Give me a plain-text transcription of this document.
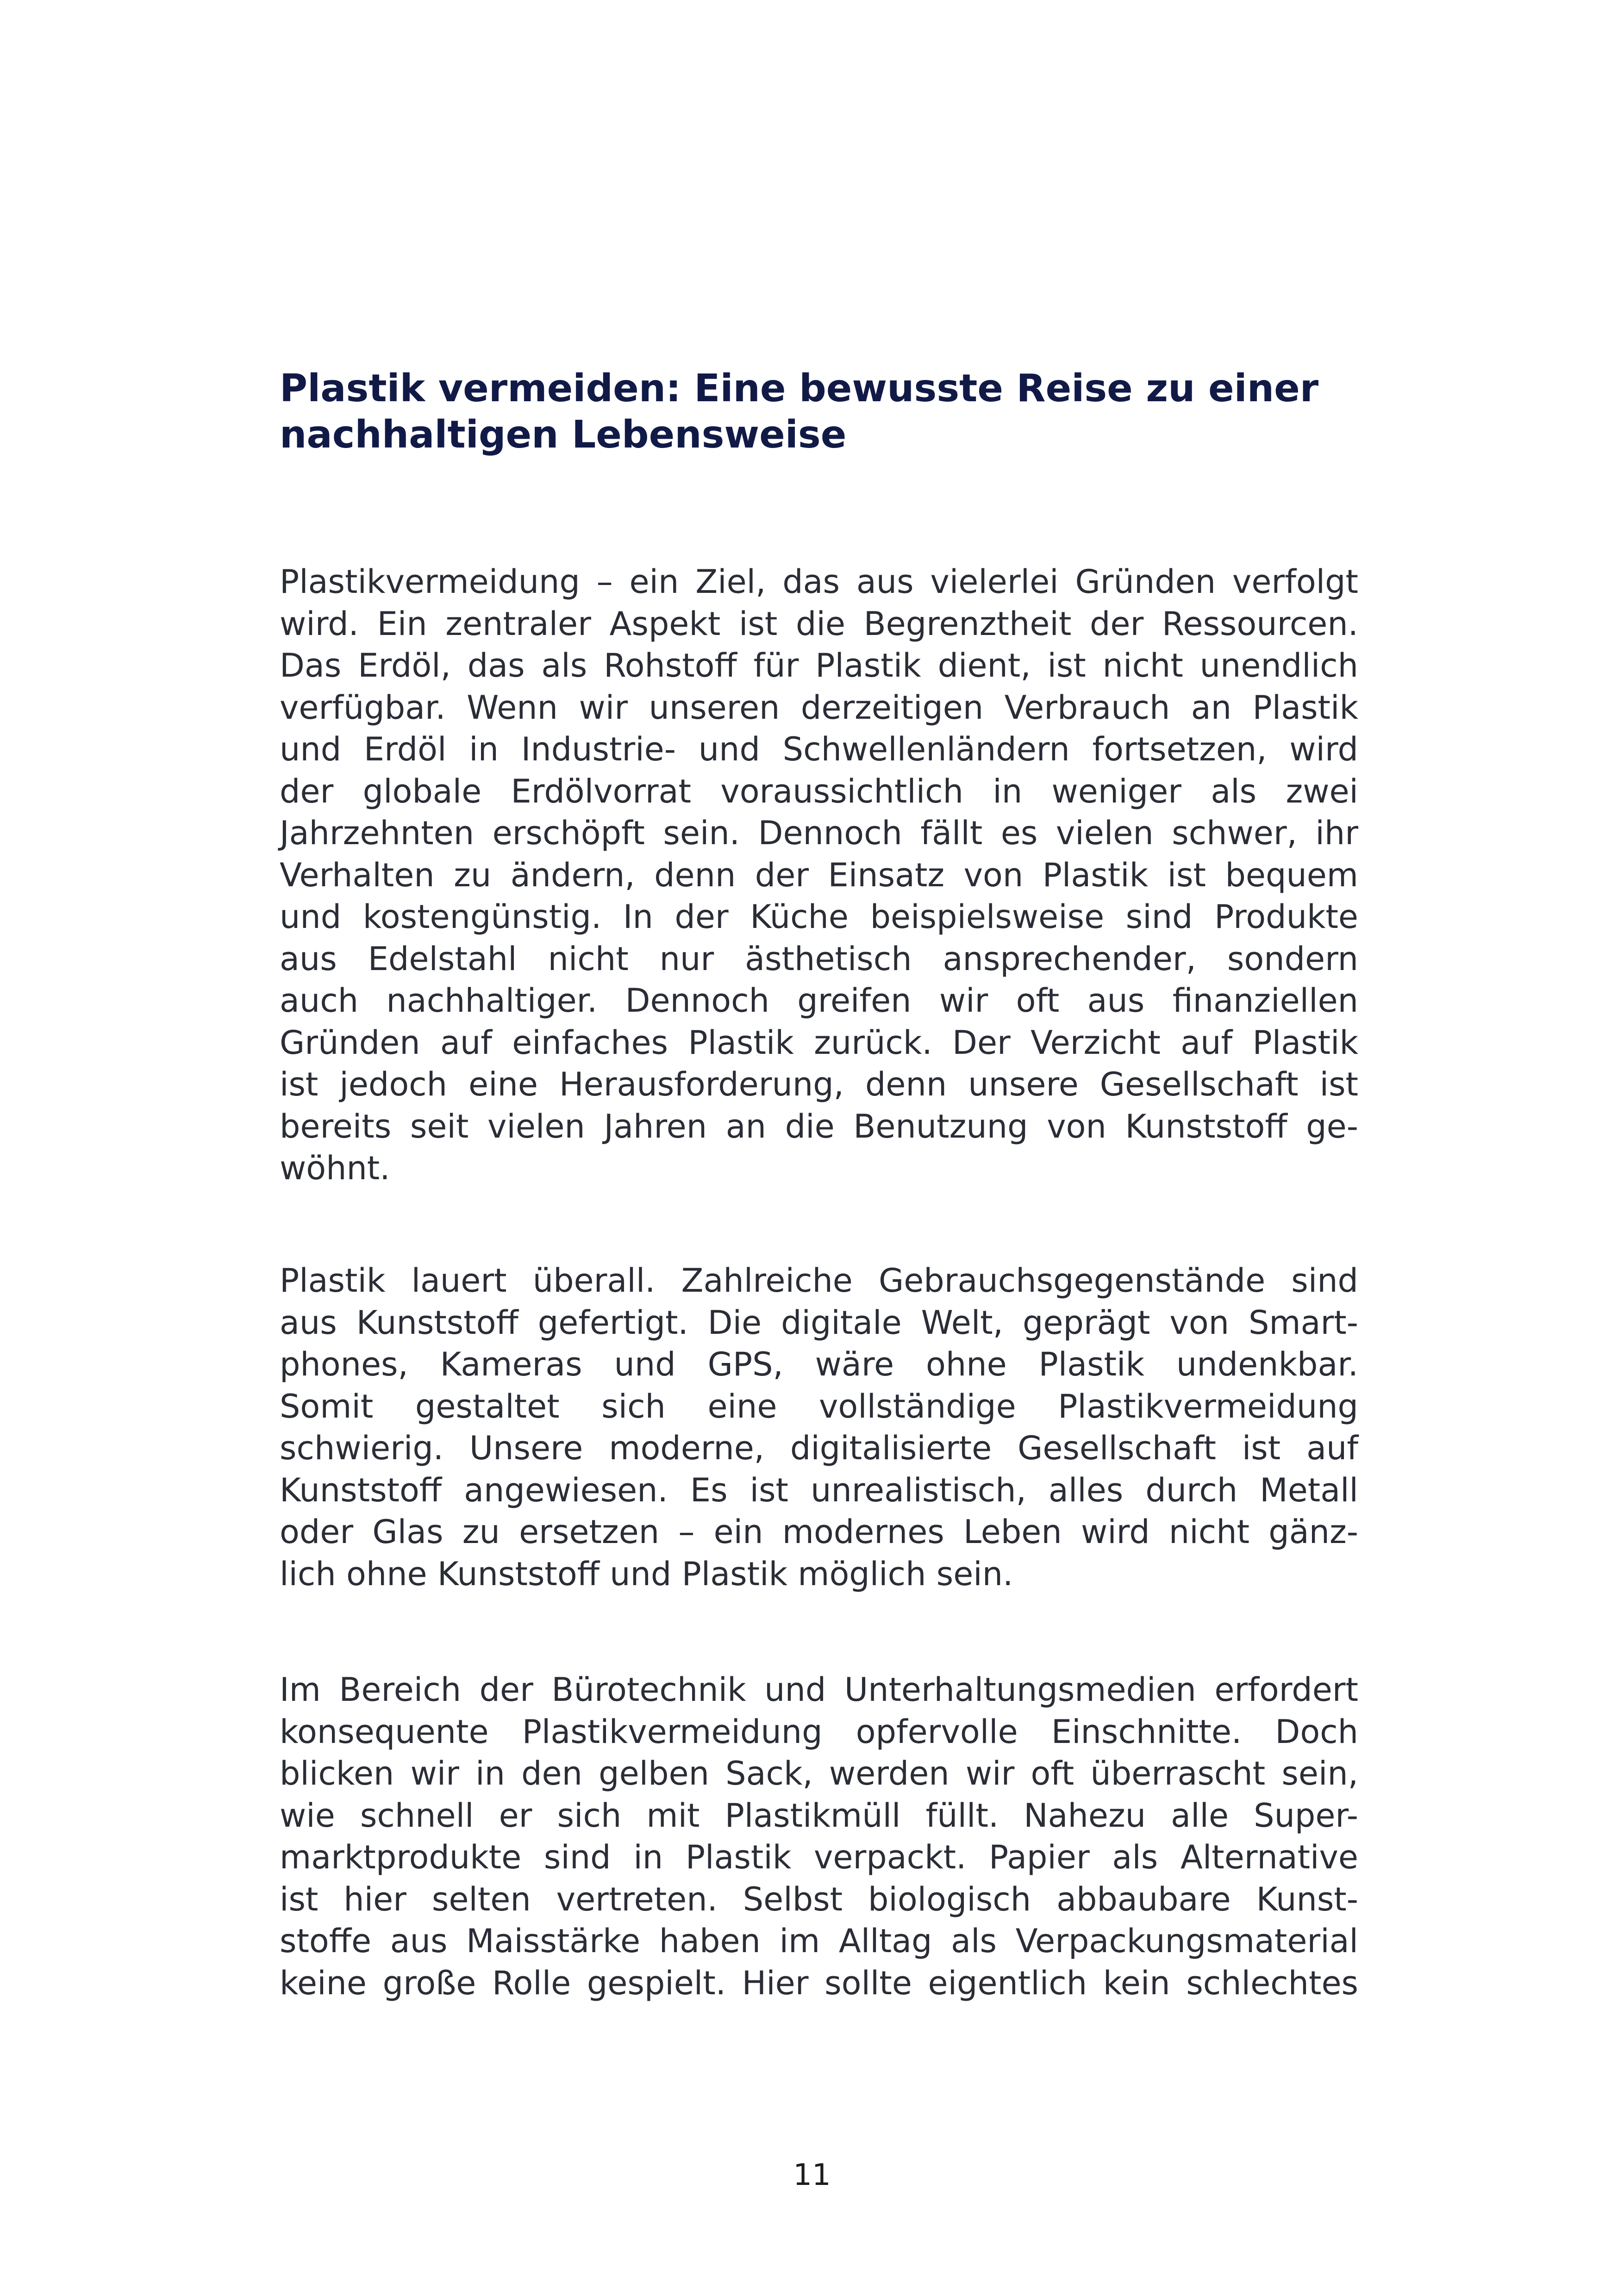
Plastik vermeiden: Eine bewusste Reise zu einer
nachhaltigen Lebensweise

Plastikvermeidung – ein Ziel, das aus vielerlei Gründen verfolgt
wird. Ein zentraler Aspekt ist die Begrenztheit der Ressourcen.
Das Erdöl, das als Rohstoff für Plastik dient, ist nicht unendlich
verfügbar. Wenn wir unseren derzeitigen Verbrauch an Plastik
und Erdöl in Industrie- und Schwellenländern fortsetzen, wird
der globale Erdölvorrat voraussichtlich in weniger als zwei
Jahrzehnten erschöpft sein. Dennoch fällt es vielen schwer, ihr
Verhalten zu ändern, denn der Einsatz von Plastik ist bequem
und kostengünstig. In der Küche beispielsweise sind Produkte
aus Edelstahl nicht nur ästhetisch ansprechender, sondern
auch nachhaltiger. Dennoch greifen wir oft aus finanziellen
Gründen auf einfaches Plastik zurück. Der Verzicht auf Plastik
ist jedoch eine Herausforderung, denn unsere Gesellschaft ist
bereits seit vielen Jahren an die Benutzung von Kunststoff ge-
wöhnt.

Plastik lauert überall. Zahlreiche Gebrauchsgegenstände sind
aus Kunststoff gefertigt. Die digitale Welt, geprägt von Smart-
phones, Kameras und GPS, wäre ohne Plastik undenkbar.
Somit gestaltet sich eine vollständige Plastikvermeidung
schwierig. Unsere moderne, digitalisierte Gesellschaft ist auf
Kunststoff angewiesen. Es ist unrealistisch, alles durch Metall
oder Glas zu ersetzen – ein modernes Leben wird nicht gänz-
lich ohne Kunststoff und Plastik möglich sein.

Im Bereich der Bürotechnik und Unterhaltungsmedien erfordert
konsequente Plastikvermeidung opfervolle Einschnitte. Doch
blicken wir in den gelben Sack, werden wir oft überrascht sein,
wie schnell er sich mit Plastikmüll füllt. Nahezu alle Super-
marktprodukte sind in Plastik verpackt. Papier als Alternative
ist hier selten vertreten. Selbst biologisch abbaubare Kunst-
stoffe aus Maisstärke haben im Alltag als Verpackungsmaterial
keine große Rolle gespielt. Hier sollte eigentlich kein schlechtes

11
